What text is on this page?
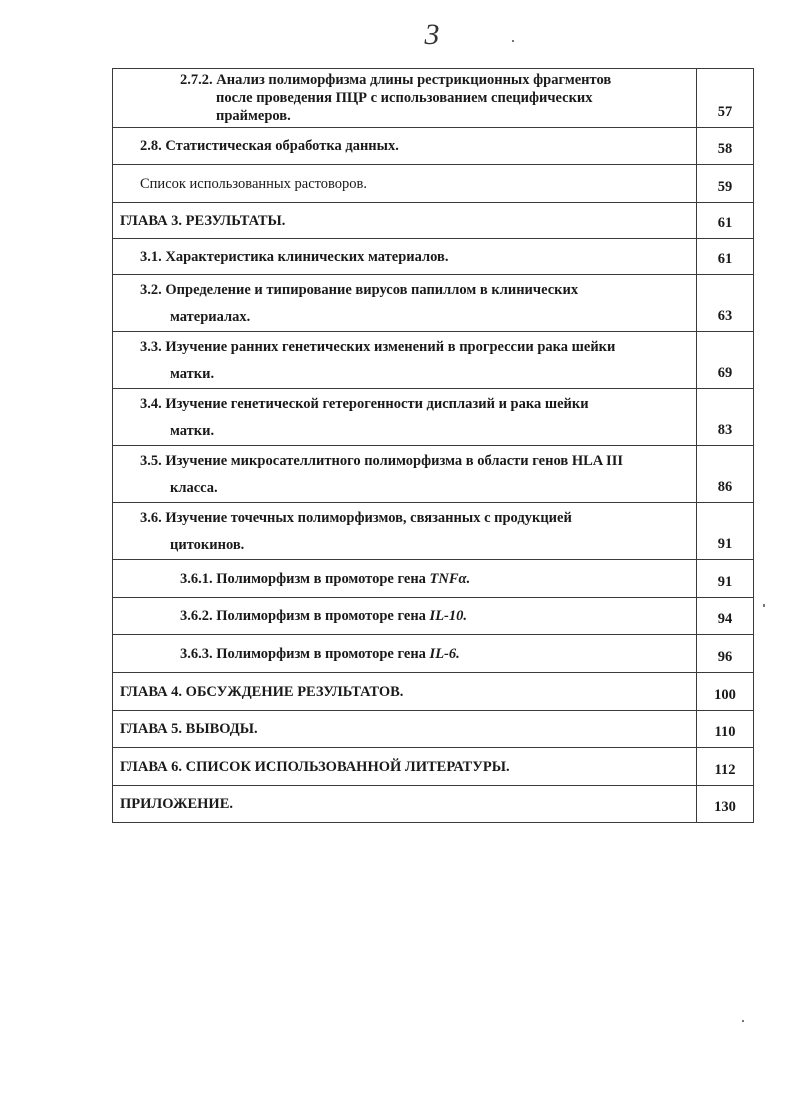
3
2.7.2. Анализ полиморфизма длины рестрикционных фрагментов
после проведения ПЦР с использованием специфических
праймеров.	57

2.8. Статистическая обработка данных.	58

Список использованных растоворов.	59

ГЛАВА 3. РЕЗУЛЬТАТЫ.	61

3.1. Характеристика клинических материалов.	61

3.2. Определение и типирование вирусов папиллом в клинических
материалах.	63

3.3. Изучение ранних генетических изменений в прогрессии рака шейки
матки.	69

3.4. Изучение генетической гетерогенности дисплазий и рака шейки
матки.	83

3.5. Изучение микросателлитного полиморфизма в области генов HLA III
класса.	86

3.6. Изучение точечных полиморфизмов, связанных с продукцией
цитокинов.	91

3.6.1. Полиморфизм в промоторе гена TNFα.	91

3.6.2. Полиморфизм в промоторе гена IL-10.	94

3.6.3. Полиморфизм в промоторе гена IL-6.	96

ГЛАВА 4. ОБСУЖДЕНИЕ РЕЗУЛЬТАТОВ.	100

ГЛАВА 5. ВЫВОДЫ.	110

ГЛАВА 6. СПИСОК ИСПОЛЬЗОВАННОЙ ЛИТЕРАТУРЫ.	112

ПРИЛОЖЕНИЕ.	130
